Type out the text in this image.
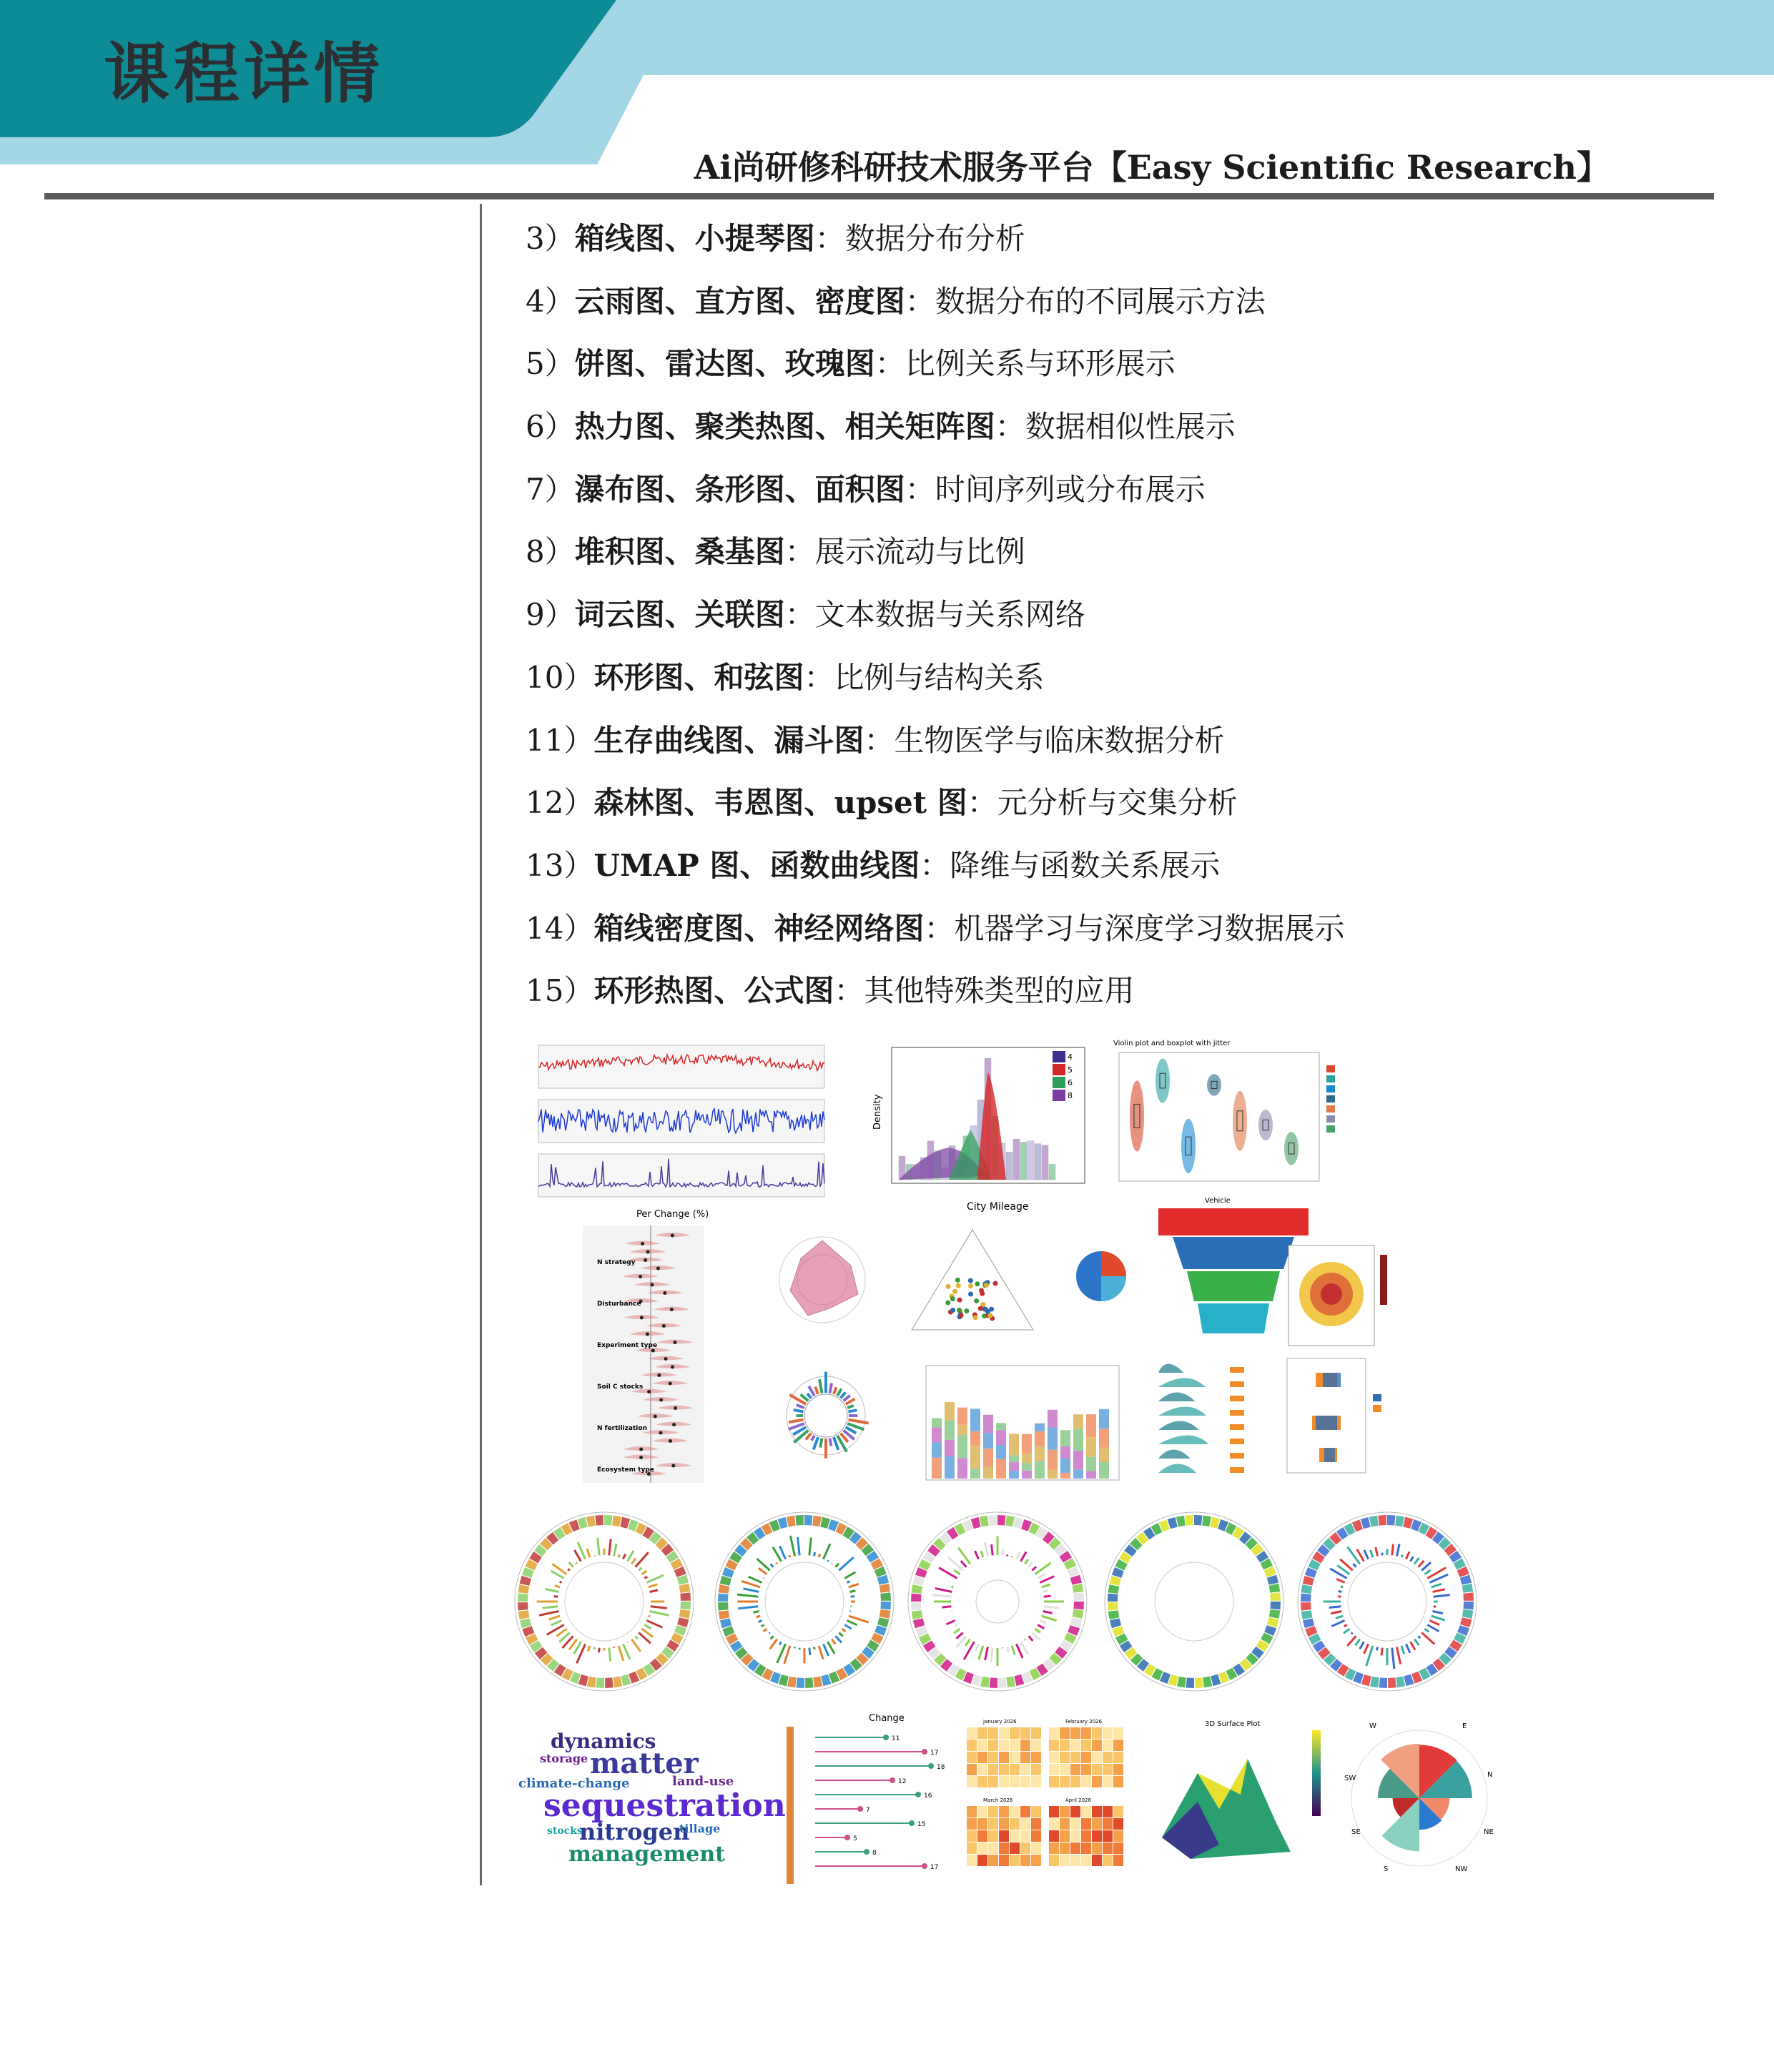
课程详情
Ai尚研修科研技术服务平台【Easy Scientific Research】
3）箱线图、小提琴图：数据分布分析
4）云雨图、直方图、密度图：数据分布的不同展示方法
5）饼图、雷达图、玫瑰图：比例关系与环形展示
6）热力图、聚类热图、相关矩阵图：数据相似性展示
7）瀑布图、条形图、面积图：时间序列或分布展示
8）堆积图、桑基图：展示流动与比例
9）词云图、关联图：文本数据与关系网络
10）环形图、和弦图：比例与结构关系
11）生存曲线图、漏斗图：生物医学与临床数据分析
12）森林图、韦恩图、upset 图：元分析与交集分析
13）UMAP 图、函数曲线图：降维与函数关系展示
14）箱线密度图、神经网络图：机器学习与深度学习数据展示
15）环形热图、公式图：其他特殊类型的应用
4
5
6
8
City Mileage
Density
Violin plot and boxplot with jitter
Vehicle
Per Change (%)
N strategy
Disturbance
Experiment type
Soil C stocks
N fertilization
Ecosystem type
dynamics
storage matter
climate-change	land-use
sequestration
nitrogen
stocks	tillage
management
Change
11
17
18
12
16
7
15
5
8
17
January 2026	February 2026
March 2026	April 2026
3D Surface Plot	W	E
N
SW
SE	NE
S	NW
